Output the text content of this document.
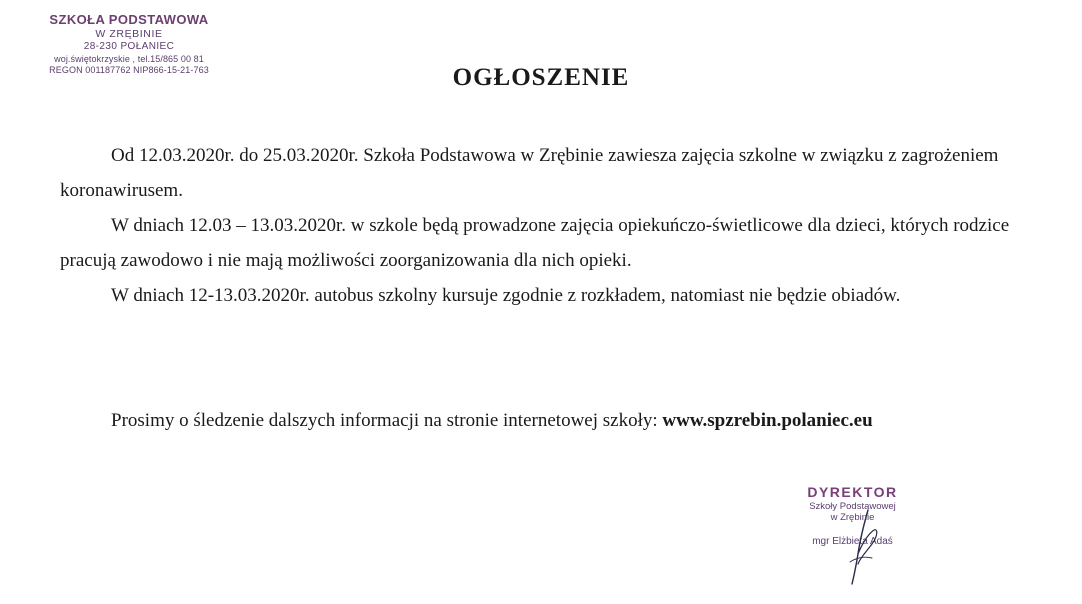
SZKOŁA PODSTAWOWA
W ZRĘBINIE
28-230 POŁANIEC
woj.świętokrzyskie , tel.15/865 00 81
REGON 001187762 NIP866-15-21-763	OGŁOSZENIE

Od 12.03.2020r. do 25.03.2020r. Szkoła Podstawowa w Zrębinie zawiesza zajęcia szkolne w związku z zagrożeniem koronawirusem.

W dniach 12.03 – 13.03.2020r. w szkole będą prowadzone zajęcia opiekuńczo-świetlicowe dla dzieci, których rodzice pracują zawodowo i nie mają możliwości zoorganizowania dla nich opieki.

W dniach 12-13.03.2020r. autobus szkolny kursuje zgodnie z rozkładem, natomiast nie będzie obiadów.

Prosimy o śledzenie dalszych informacji na stronie internetowej szkoły: www.spzrebin.polaniec.eu
DYREKTOR
Szkoły Podstawowej
w Zrębinie
mgr Elżbieta Adaś
